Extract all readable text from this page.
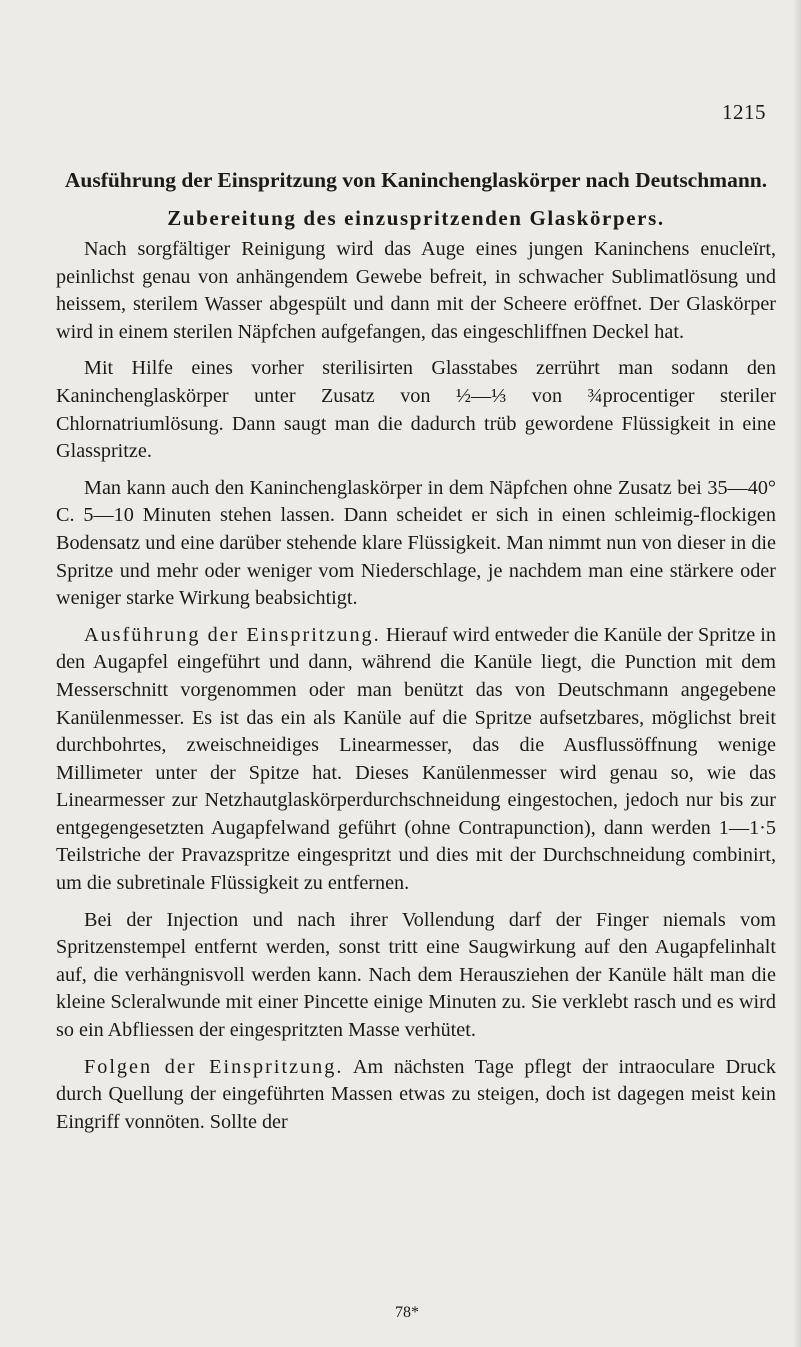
1215
Ausführung der Einspritzung von Kaninchenglaskörper nach Deutschmann.
Zubereitung des einzuspritzenden Glaskörpers.

Nach sorgfältiger Reinigung wird das Auge eines jungen Kaninchens enucleïrt, peinlichst genau von anhängendem Gewebe befreit, in schwacher Sublimatlösung und heissem, sterilem Wasser abgespült und dann mit der Scheere eröffnet. Der Glaskörper wird in einem sterilen Näpfchen aufgefangen, das eingeschliffnen Deckel hat.

Mit Hilfe eines vorher sterilisirten Glasstabes zerrührt man sodann den Kaninchenglaskörper unter Zusatz von ½—⅓ von ¾procentiger steriler Chlornatriumlösung. Dann saugt man die dadurch trüb gewordene Flüssigkeit in eine Glasspritze.

Man kann auch den Kaninchenglaskörper in dem Näpfchen ohne Zusatz bei 35—40° C. 5—10 Minuten stehen lassen. Dann scheidet er sich in einen schleimig-flockigen Bodensatz und eine darüber stehende klare Flüssigkeit. Man nimmt nun von dieser in die Spritze und mehr oder weniger vom Niederschlage, je nachdem man eine stärkere oder weniger starke Wirkung beabsichtigt.

Ausführung der Einspritzung. Hierauf wird entweder die Kanüle der Spritze in den Augapfel eingeführt und dann, während die Kanüle liegt, die Punction mit dem Messerschnitt vorgenommen oder man benützt das von Deutschmann angegebene Kanülenmesser. Es ist das ein als Kanüle auf die Spritze aufsetzbares, möglichst breit durchbohrtes, zweischneidiges Linearmesser, das die Ausflussöffnung wenige Millimeter unter der Spitze hat. Dieses Kanülenmesser wird genau so, wie das Linearmesser zur Netzhautglaskörperdurchschneidung eingestochen, jedoch nur bis zur entgegengesetzten Augapfelwand geführt (ohne Contrapunction), dann werden 1—1·5 Teilstriche der Pravazspritze eingespritzt und dies mit der Durchschneidung combinirt, um die subretinale Flüssigkeit zu entfernen.

Bei der Injection und nach ihrer Vollendung darf der Finger niemals vom Spritzenstempel entfernt werden, sonst tritt eine Saugwirkung auf den Augapfelinhalt auf, die verhängnisvoll werden kann. Nach dem Herausziehen der Kanüle hält man die kleine Scleralwunde mit einer Pincette einige Minuten zu. Sie verklebt rasch und es wird so ein Abfliessen der eingespritzten Masse verhütet.

Folgen der Einspritzung. Am nächsten Tage pflegt der intraoculare Druck durch Quellung der eingeführten Massen etwas zu steigen, doch ist dagegen meist kein Eingriff vonnöten. Sollte der

78*
